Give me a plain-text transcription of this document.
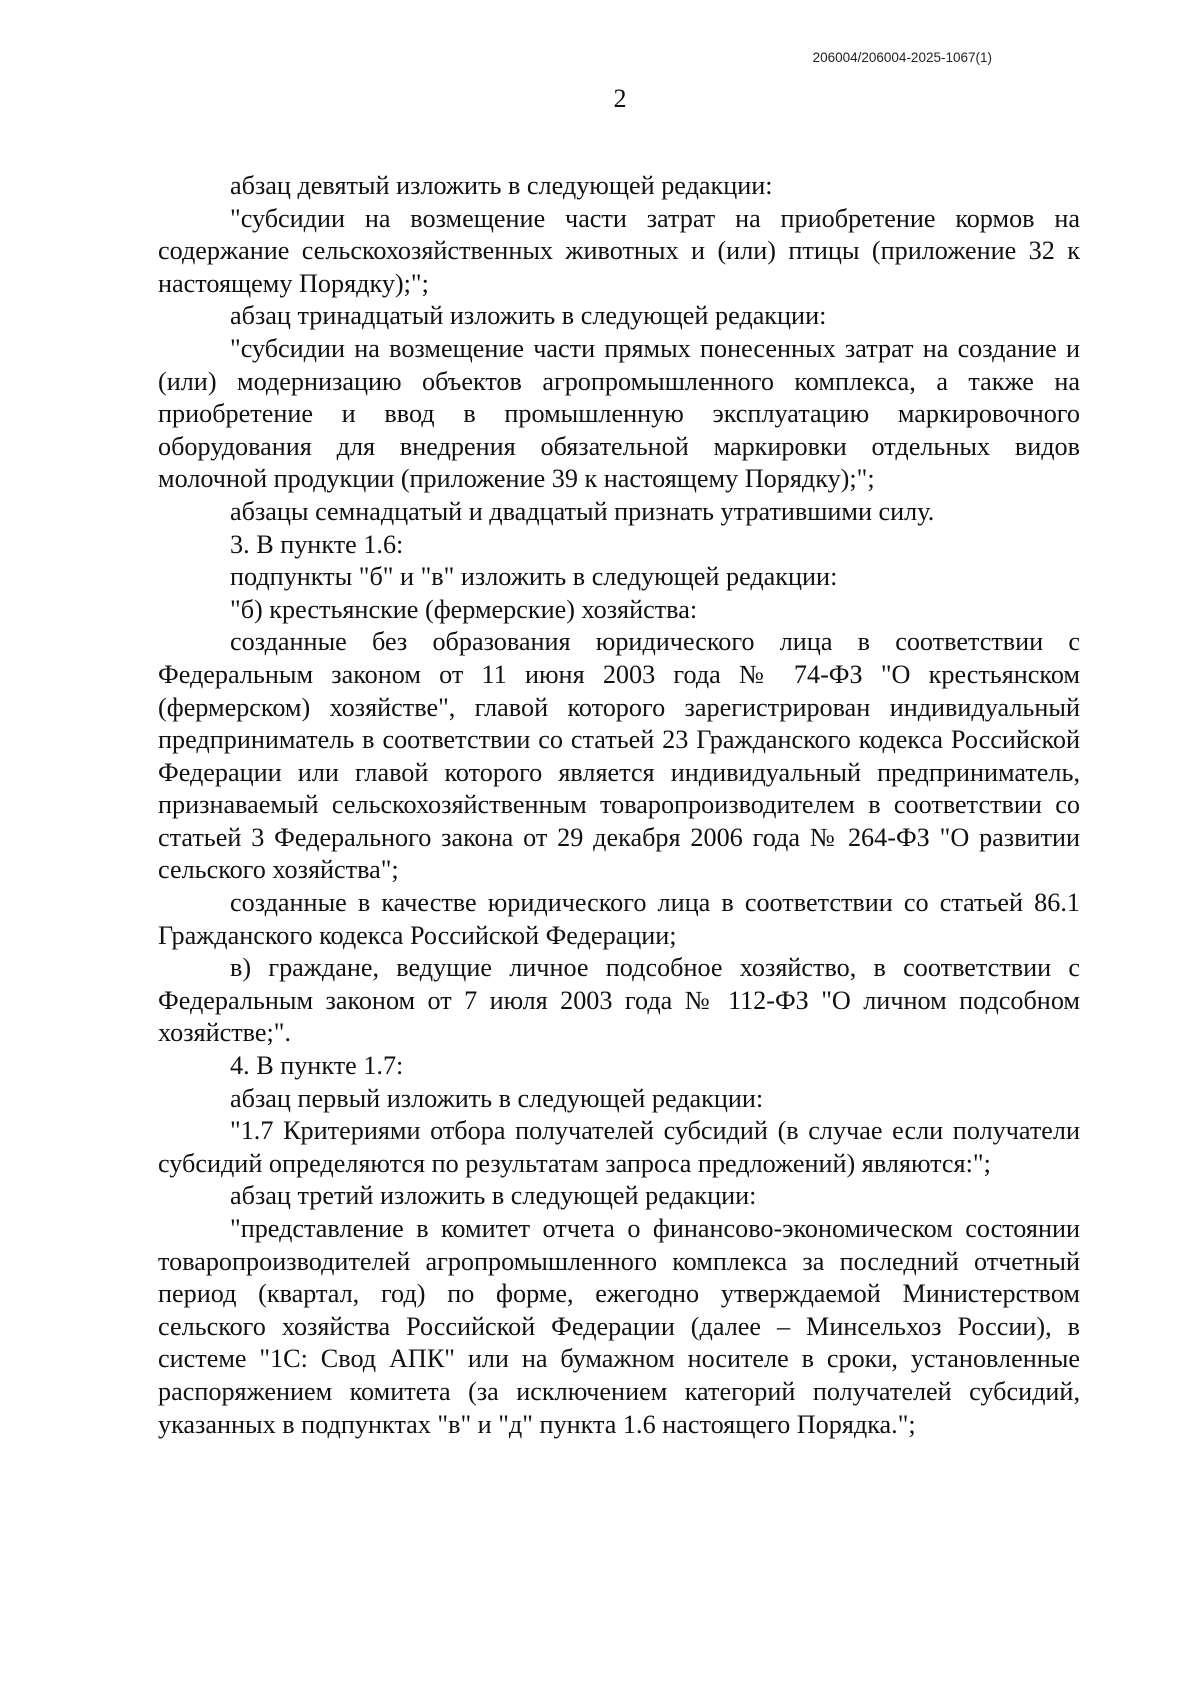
206004/206004-2025-1067(1)
2

абзац девятый изложить в следующей редакции:

"субсидии на возмещение части затрат на приобретение кормов на содержание сельскохозяйственных животных и (или) птицы (приложение 32 к настоящему Порядку);";

абзац тринадцатый изложить в следующей редакции:

"субсидии на возмещение части прямых понесенных затрат на создание и (или) модернизацию объектов агропромышленного комплекса, а также на приобретение и ввод в промышленную эксплуатацию маркировочного оборудования для внедрения обязательной маркировки отдельных видов молочной продукции (приложение 39 к настоящему Порядку);";

абзацы семнадцатый и двадцатый признать утратившими силу.

3. В пункте 1.6:

подпункты "б" и "в" изложить в следующей редакции:

"б) крестьянские (фермерские) хозяйства:

созданные без образования юридического лица в соответствии с Федеральным законом от 11 июня 2003 года № 74-ФЗ "О крестьянском (фермерском) хозяйстве", главой которого зарегистрирован индивидуальный предприниматель в соответствии со статьей 23 Гражданского кодекса Российской Федерации или главой которого является индивидуальный предприниматель, признаваемый сельскохозяйственным товаропроизводителем в соответствии со статьей 3 Федерального закона от 29 декабря 2006 года № 264-ФЗ "О развитии сельского хозяйства";

созданные в качестве юридического лица в соответствии со статьей 86.1 Гражданского кодекса Российской Федерации;

в) граждане, ведущие личное подсобное хозяйство, в соответствии с Федеральным законом от 7 июля 2003 года № 112-ФЗ "О личном подсобном хозяйстве;".

4. В пункте 1.7:

абзац первый изложить в следующей редакции:

"1.7 Критериями отбора получателей субсидий (в случае если получатели субсидий определяются по результатам запроса предложений) являются:";

абзац третий изложить в следующей редакции:

"представление в комитет отчета о финансово-экономическом состоянии товаропроизводителей агропромышленного комплекса за последний отчетный период (квартал, год) по форме, ежегодно утверждаемой Министерством сельского хозяйства Российской Федерации (далее – Минсельхоз России), в системе "1С: Свод АПК" или на бумажном носителе в сроки, установленные распоряжением комитета (за исключением категорий получателей субсидий, указанных в подпунктах "в" и "д" пункта 1.6 настоящего Порядка.";
